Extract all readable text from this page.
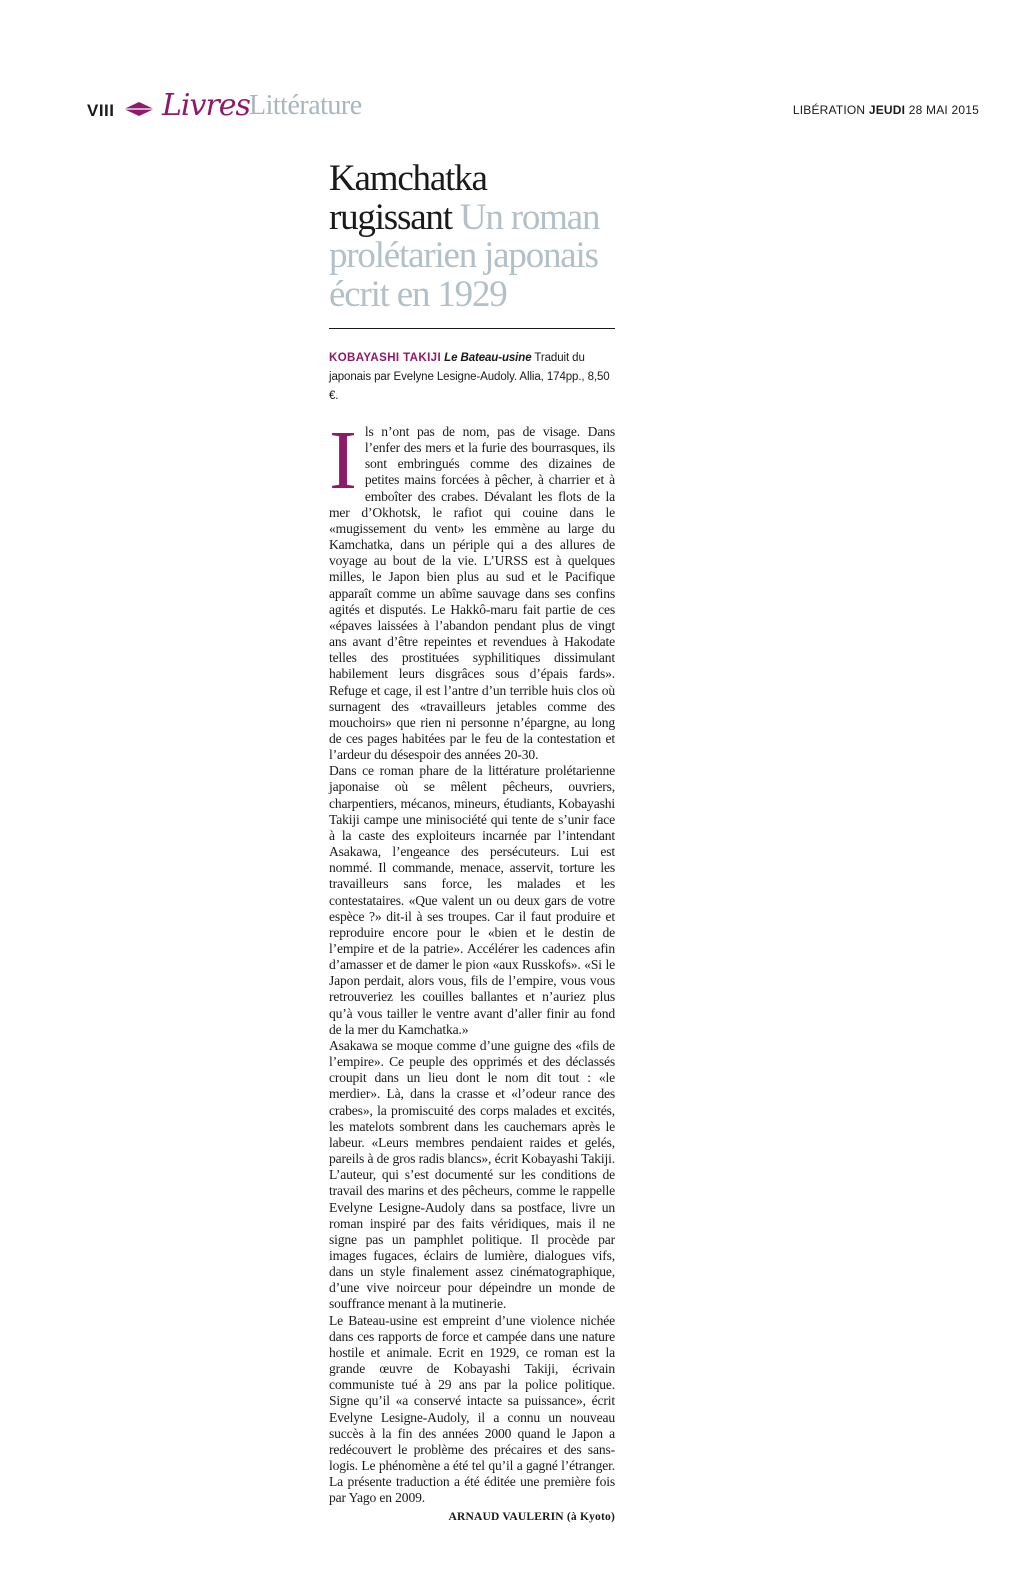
VIII Livres Littérature	LIBÉRATION JEUDI 28 MAI 2015
Kamchatka rugissant Un roman prolétarien japonais écrit en 1929
KOBAYASHI TAKIJI Le Bateau-usine Traduit du japonais par Evelyne Lesigne-Audoly. Allia, 174pp., 8,50 €.

Ils n’ont pas de nom, pas de visage. Dans l’enfer des mers et la furie des bourrasques, ils sont embringués comme des dizaines de petites mains forcées à pêcher, à charrier et à emboîter des crabes. Dévalant les flots de la mer d’Okhotsk, le rafiot qui couine dans le «mugissement du vent» les emmène au large du Kamchatka, dans un périple qui a des allures de voyage au bout de la vie. L’URSS est à quelques milles, le Japon bien plus au sud et le Pacifique apparaît comme un abîme sauvage dans ses confins agités et disputés. Le Hakkô-maru fait partie de ces «épaves laissées à l’abandon pendant plus de vingt ans avant d’être repeintes et revendues à Hakodate telles des prostituées syphilitiques dissimulant habilement leurs disgrâces sous d’épais fards». Refuge et cage, il est l’antre d’un terrible huis clos où surnagent des «travailleurs jetables comme des mouchoirs» que rien ni personne n’épargne, au long de ces pages habitées par le feu de la contestation et l’ardeur du désespoir des années 20-30.

Dans ce roman phare de la littérature prolétarienne japonaise où se mêlent pêcheurs, ouvriers, charpentiers, mécanos, mineurs, étudiants, Kobayashi Takiji campe une minisociété qui tente de s’unir face à la caste des exploiteurs incarnée par l’intendant Asakawa, l’engeance des persécuteurs. Lui est nommé. Il commande, menace, asservit, torture les travailleurs sans force, les malades et les contestataires. «Que valent un ou deux gars de votre espèce ?» dit-il à ses troupes. Car il faut produire et reproduire encore pour le «bien et le destin de l’empire et de la patrie». Accélérer les cadences afin d’amasser et de damer le pion «aux Russkofs». «Si le Japon perdait, alors vous, fils de l’empire, vous vous retrouveriez les couilles ballantes et n’auriez plus qu’à vous tailler le ventre avant d’aller finir au fond de la mer du Kamchatka.»

Asakawa se moque comme d’une guigne des «fils de l’empire». Ce peuple des opprimés et des déclassés croupit dans un lieu dont le nom dit tout : «le merdier». Là, dans la crasse et «l’odeur rance des crabes», la promiscuité des corps malades et excités, les matelots sombrent dans les cauchemars après le labeur. «Leurs membres pendaient raides et gelés, pareils à de gros radis blancs», écrit Kobayashi Takiji. L’auteur, qui s’est documenté sur les conditions de travail des marins et des pêcheurs, comme le rappelle Evelyne Lesigne-Audoly dans sa postface, livre un roman inspiré par des faits véridiques, mais il ne signe pas un pamphlet politique. Il procède par images fugaces, éclairs de lumière, dialogues vifs, dans un style finalement assez cinématographique, d’une vive noirceur pour dépeindre un monde de souffrance menant à la mutinerie.

Le Bateau-usine est empreint d’une violence nichée dans ces rapports de force et campée dans une nature hostile et animale. Ecrit en 1929, ce roman est la grande œuvre de Kobayashi Takiji, écrivain communiste tué à 29 ans par la police politique. Signe qu’il «a conservé intacte sa puissance», écrit Evelyne Lesigne-Audoly, il a connu un nouveau succès à la fin des années 2000 quand le Japon a redécouvert le problème des précaires et des sans-logis. Le phénomène a été tel qu’il a gagné l’étranger. La présente traduction a été éditée une première fois par Yago en 2009.

ARNAUD VAULERIN (à Kyoto)
